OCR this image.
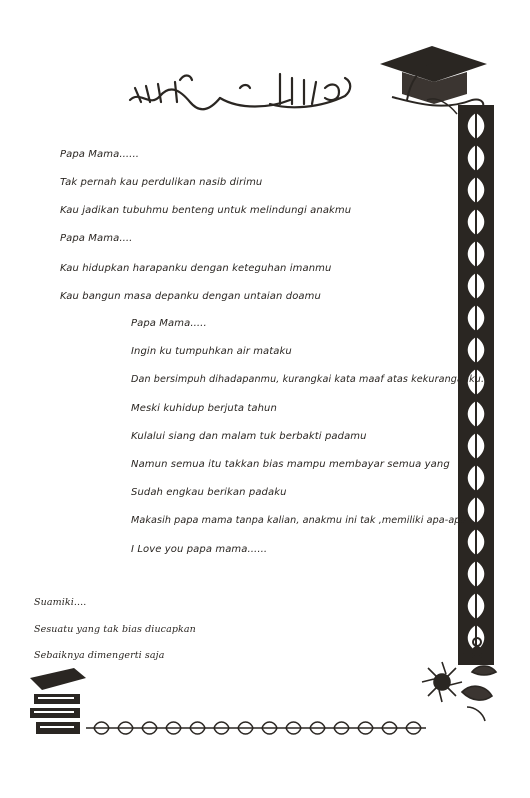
Papa Mama......
Tak pernah kau perdulikan nasib dirimu
Kau jadikan tubuhmu benteng untuk melindungi anakmu
Papa Mama....
Kau hidupkan harapanku dengan keteguhan imanmu
Kau bangun masa depanku dengan untaian doamu
Papa Mama.....
Ingin ku tumpuhkan air mataku
Dan bersimpuh dihadapanmu, kurangkai kata maaf atas kekuranganku.
Meski kuhidup berjuta tahun
Kulalui siang dan malam tuk berbakti padamu
Namun semua itu takkan bias mampu membayar semua yang
Sudah engkau berikan padaku
Makasih papa mama tanpa kalian, anakmu ini tak ,memiliki apa-apa.
I Love you papa mama......
Suamiki....
Sesuatu yang tak bias diucapkan
Sebaiknya dimengerti saja
